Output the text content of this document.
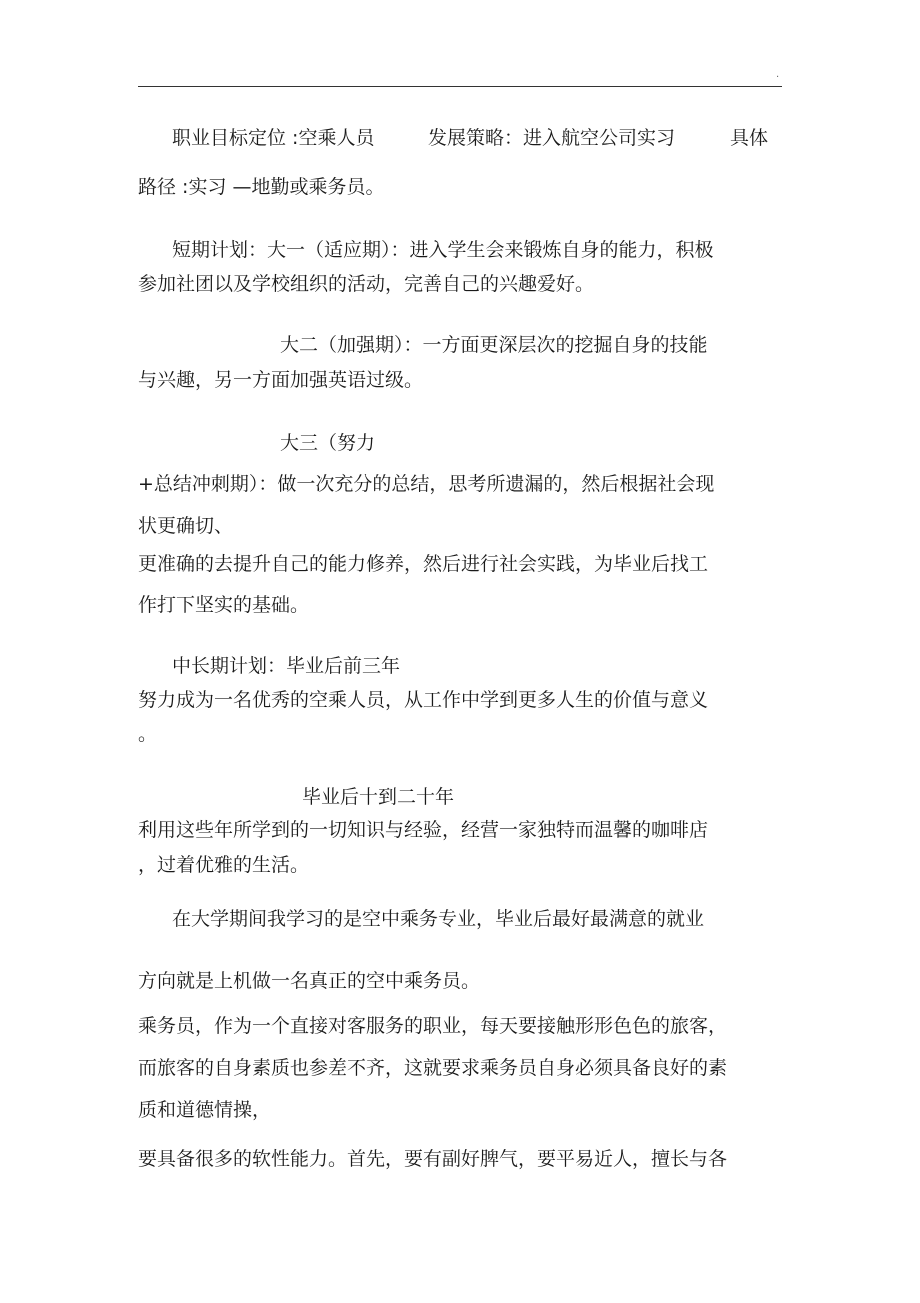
.

职业目标定位 :空乘人员

	发展策略：进入航空公司实习

	具体

路径 :实习 —地勤或乘务员。

短期计划：大一（适应期）：进入学生会来锻炼自身的能力，积极

参加社团以及学校组织的活动，完善自己的兴趣爱好。

大二（加强期）：一方面更深层次的挖掘自身的技能

与兴趣，另一方面加强英语过级。

大三（努力

+总结冲刺期）：做一次充分的总结，思考所遗漏的，然后根据社会现

状更确切、

更准确的去提升自己的能力修养，然后进行社会实践，为毕业后找工

作打下坚实的基础。

中长期计划：毕业后前三年

努力成为一名优秀的空乘人员，从工作中学到更多人生的价值与意义

。

毕业后十到二十年

利用这些年所学到的一切知识与经验，经营一家独特而温馨的咖啡店

，过着优雅的生活。

在大学期间我学习的是空中乘务专业，毕业后最好最满意的就业

方向就是上机做一名真正的空中乘务员。

乘务员，作为一个直接对客服务的职业，每天要接触形形色色的旅客，

而旅客的自身素质也参差不齐，这就要求乘务员自身必须具备良好的素

质和道德情操，

要具备很多的软性能力。首先，要有副好脾气，要平易近人，擅长与各
